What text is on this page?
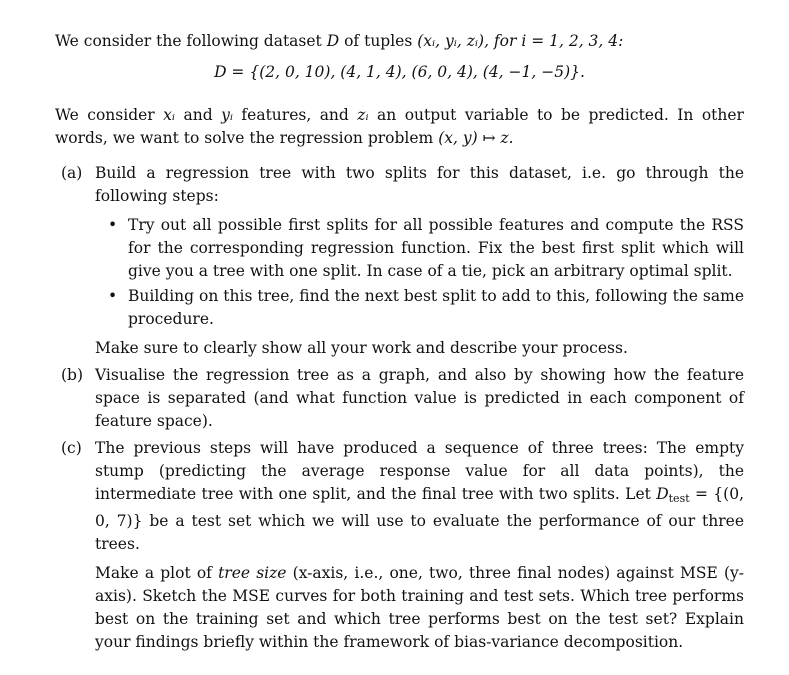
We consider the following dataset D of tuples (xᵢ, yᵢ, zᵢ), for i = 1, 2, 3, 4:

D = {(2, 0, 10), (4, 1, 4), (6, 0, 4), (4, −1, −5)}.

We consider xᵢ and yᵢ features, and zᵢ an output variable to be predicted. In other words, we want to solve the regression problem (x, y) ↦ z.

(a) Build a regression tree with two splits for this dataset, i.e. go through the following steps:
• Try out all possible first splits for all possible features and compute the RSS for the corresponding regression function. Fix the best first split which will give you a tree with one split. In case of a tie, pick an arbitrary optimal split.
• Building on this tree, find the next best split to add to this, following the same procedure.
Make sure to clearly show all your work and describe your process.
(b) Visualise the regression tree as a graph, and also by showing how the feature space is separated (and what function value is predicted in each component of feature space).
(c) The previous steps will have produced a sequence of three trees: The empty stump (predicting the average response value for all data points), the intermediate tree with one split, and the final tree with two splits. Let Dtest = {(0, 0, 7)} be a test set which we will use to evaluate the performance of our three trees.
Make a plot of tree size (x-axis, i.e., one, two, three final nodes) against MSE (y-axis). Sketch the MSE curves for both training and test sets. Which tree performs best on the training set and which tree performs best on the test set? Explain your findings briefly within the framework of bias-variance decomposition.
